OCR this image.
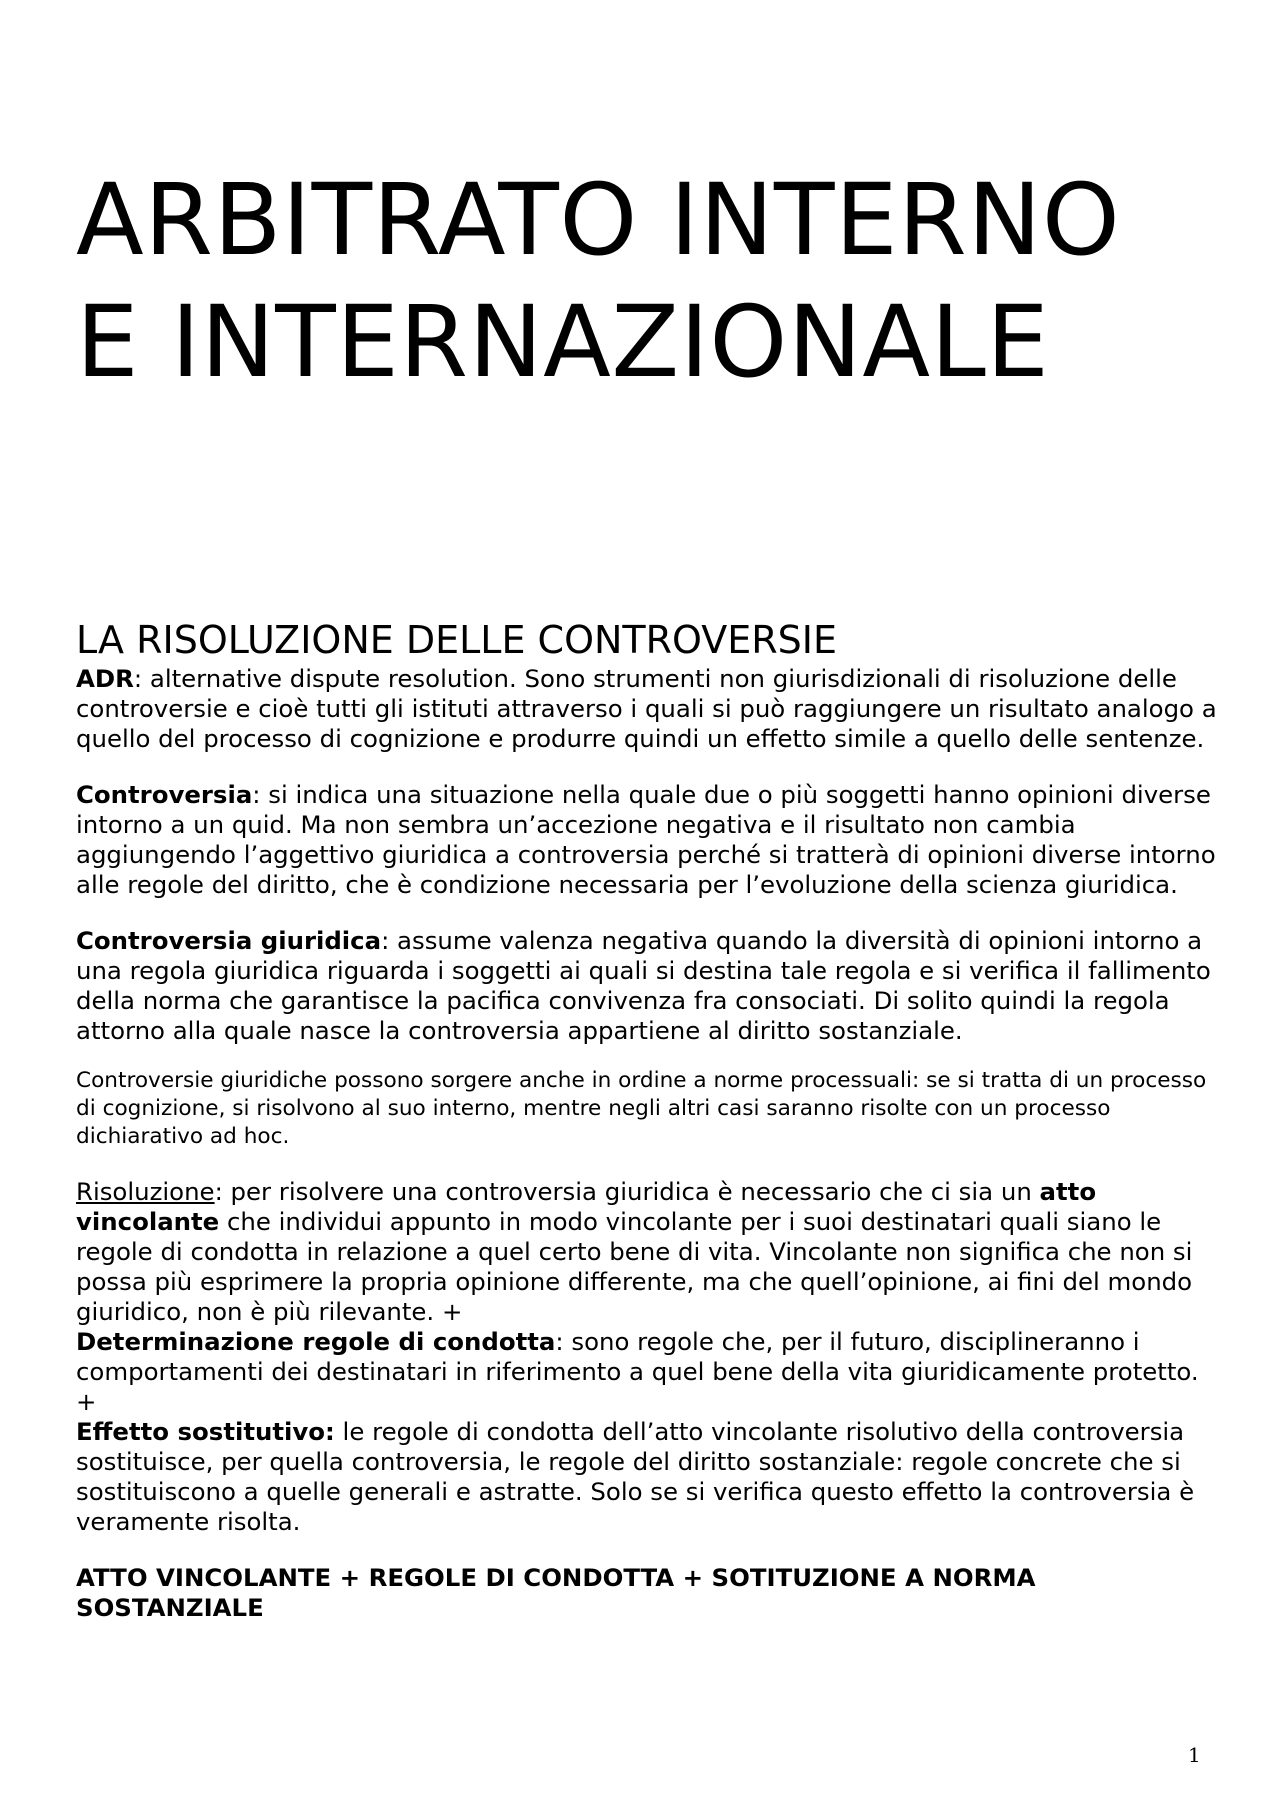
ARBITRATO INTERNO
E INTERNAZIONALE
LA RISOLUZIONE DELLE CONTROVERSIE

ADR: alternative dispute resolution. Sono strumenti non giurisdizionali di risoluzione delle controversie e cioè tutti gli istituti attraverso i quali si può raggiungere un risultato analogo a quello del processo di cognizione e produrre quindi un effetto simile a quello delle sentenze.

Controversia: si indica una situazione nella quale due o più soggetti hanno opinioni diverse intorno a un quid. Ma non sembra un’accezione negativa e il risultato non cambia aggiungendo l’aggettivo giuridica a controversia perché si tratterà di opinioni diverse intorno alle regole del diritto, che è condizione necessaria per l’evoluzione della scienza giuridica.

Controversia giuridica: assume valenza negativa quando la diversità di opinioni intorno a una regola giuridica riguarda i soggetti ai quali si destina tale regola e si verifica il fallimento della norma che garantisce la pacifica convivenza fra consociati. Di solito quindi la regola attorno alla quale nasce la controversia appartiene al diritto sostanziale.

Controversie giuridiche possono sorgere anche in ordine a norme processuali: se si tratta di un processo di cognizione, si risolvono al suo interno, mentre negli altri casi saranno risolte con un processo dichiarativo ad hoc.

Risoluzione: per risolvere una controversia giuridica è necessario che ci sia un atto vincolante che individui appunto in modo vincolante per i suoi destinatari quali siano le regole di condotta in relazione a quel certo bene di vita. Vincolante non significa che non si possa più esprimere la propria opinione differente, ma che quell’opinione, ai fini del mondo giuridico, non è più rilevante. +

Determinazione regole di condotta: sono regole che, per il futuro, disciplineranno i comportamenti dei destinatari in riferimento a quel bene della vita giuridicamente protetto. +

Effetto sostitutivo: le regole di condotta dell’atto vincolante risolutivo della controversia sostituisce, per quella controversia, le regole del diritto sostanziale: regole concrete che si sostituiscono a quelle generali e astratte. Solo se si verifica questo effetto la controversia è veramente risolta.

ATTO VINCOLANTE + REGOLE DI CONDOTTA + SOTITUZIONE A NORMA SOSTANZIALE

1
